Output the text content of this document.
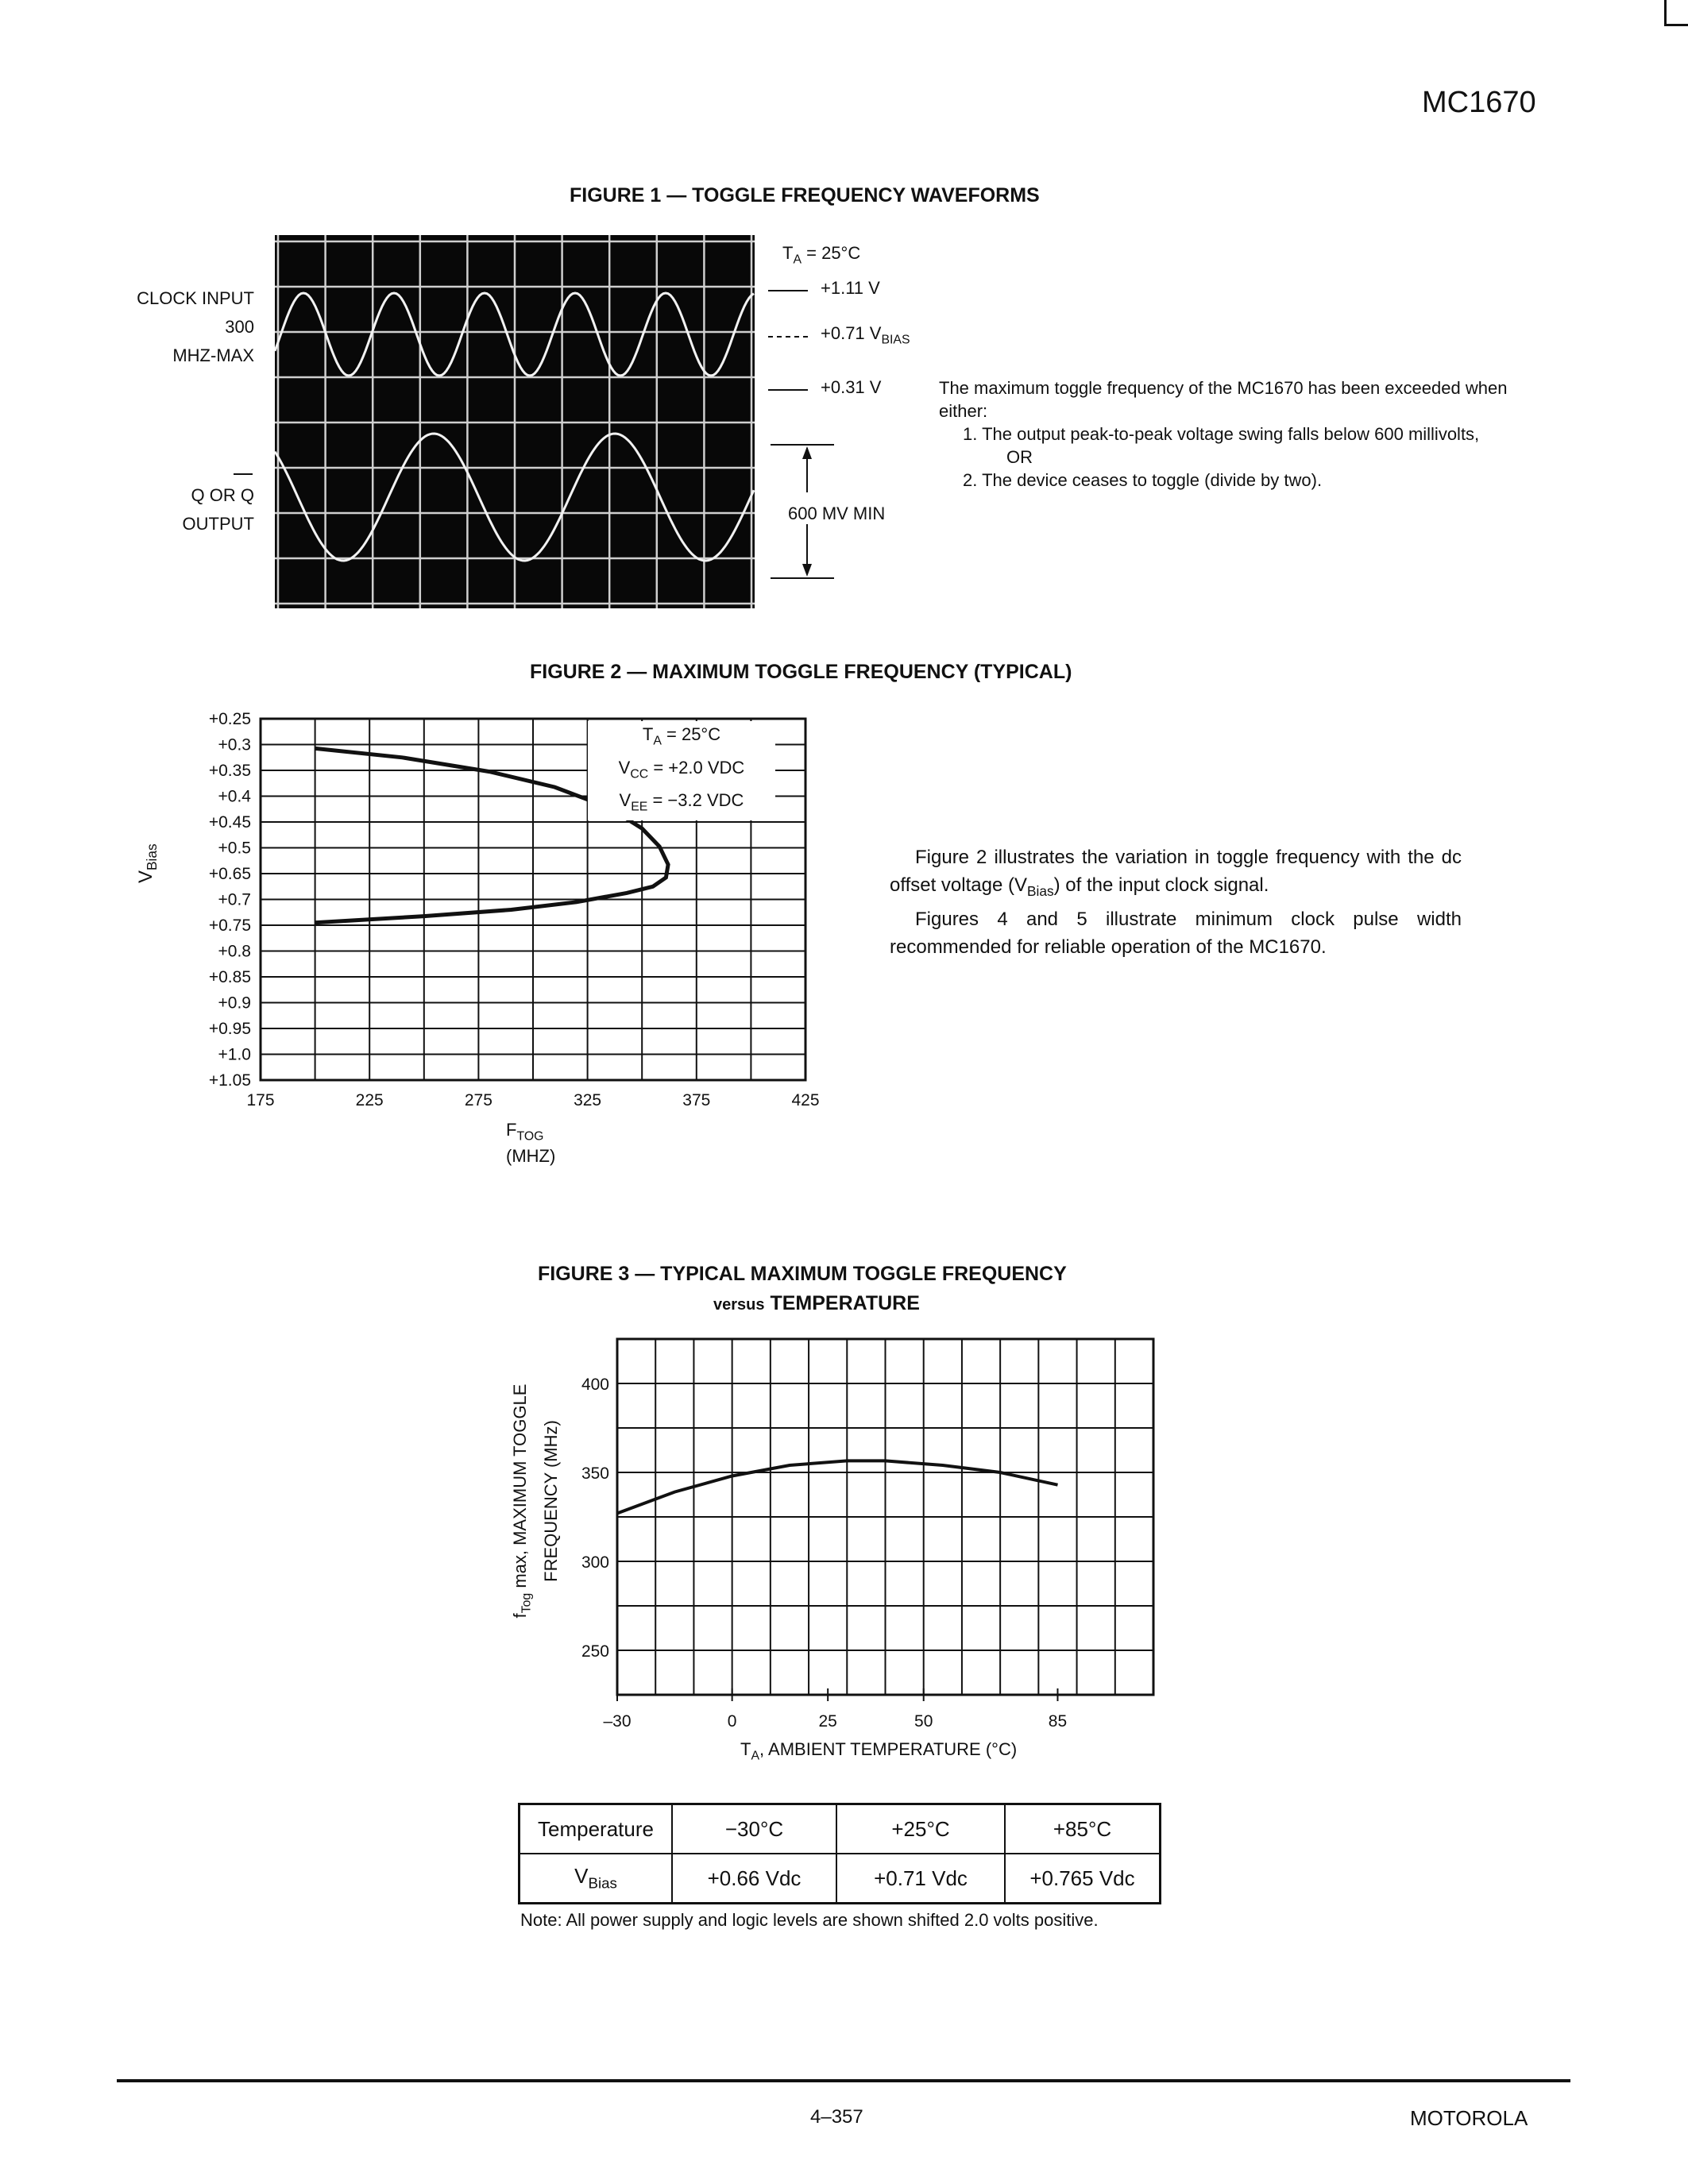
MC1670
FIGURE 1 — TOGGLE FREQUENCY WAVEFORMS
CLOCK INPUT
300
MHZ-MAX
Q OR Q
OUTPUT
$T_A = 25^\circ C$
+1.11 V
+0.71 $V_{BIAS}$
+0.31 V
600 MV MIN
The maximum toggle frequency of the MC1670 has been exceeded when either:
1. The output peak-to-peak voltage swing falls below 600 millivolts,
OR
2. The device ceases to toggle (divide by two).
FIGURE 2 — MAXIMUM TOGGLE FREQUENCY (TYPICAL)
+1.05
+1.0
+0.95
+0.9
+0.85
+0.8
+0.75
+0.7
+0.65
+0.5
+0.45
+0.4
+0.35
+0.3
+0.25
175	225	275	325	375	425
$T_A = 25^\circ C$
$V_{CC} = +2.0$ VDC
$V_{EE} = -3.2$ VDC
$V_{Bias}$
$F_{TOG}$
(MHZ)
Figure 2 illustrates the variation in toggle frequency with the dc offset voltage $(V_{Bias})$ of the input clock signal.
Figures 4 and 5 illustrate minimum clock pulse width recommended for reliable operation of the MC1670.
FIGURE 3 — TYPICAL MAXIMUM TOGGLE FREQUENCY
versus TEMPERATURE
250
300
350
400
–30	0	25	50	85
$f_{Tog}$ max, MAXIMUM TOGGLE FREQUENCY (MHz)
$T_A$, AMBIENT TEMPERATURE (°C)
Temperature	−30°C	+25°C	+85°C
$V_{Bias}$	+0.66 Vdc	+0.71 Vdc	+0.765 Vdc
Note: All power supply and logic levels are shown shifted 2.0 volts positive.
4–357	MOTOROLA
